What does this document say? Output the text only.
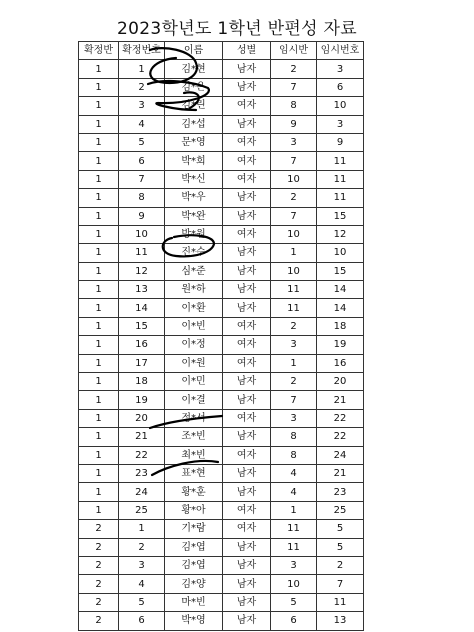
2023학년도 1학년 반편성 자료
확정반	확정번호	이름	성별	임시반	임시번호
1	1	김*현	남자	2	3
1	2	김*은	남자	7	6
1	3	김*린	여자	8	10
1	4	김*섭	남자	9	3
1	5	문*영	여자	3	9
1	6	박*희	여자	7	11
1	7	박*신	여자	10	11
1	8	박*우	남자	2	11
1	9	박*완	남자	7	15
1	10	방*원	여자	10	12
1	11	진*수	남자	1	10
1	12	심*준	남자	10	15
1	13	원*하	남자	11	14
1	14	이*환	남자	11	14
1	15	이*빈	여자	2	18
1	16	이*정	여자	3	19
1	17	이*원	여자	1	16
1	18	이*민	남자	2	20
1	19	이*결	남자	7	21
1	20	정*서	여자	3	22
1	21	조*빈	남자	8	22
1	22	최*빈	여자	8	24
1	23	표*현	남자	4	21
1	24	황*훈	남자	4	23
1	25	황*아	여자	1	25
2	1	기*람	여자	11	5
2	2	김*엽	남자	11	5
2	3	김*엽	남자	3	2
2	4	김*양	남자	10	7
2	5	마*빈	남자	5	11
2	6	박*영	남자	6	13
